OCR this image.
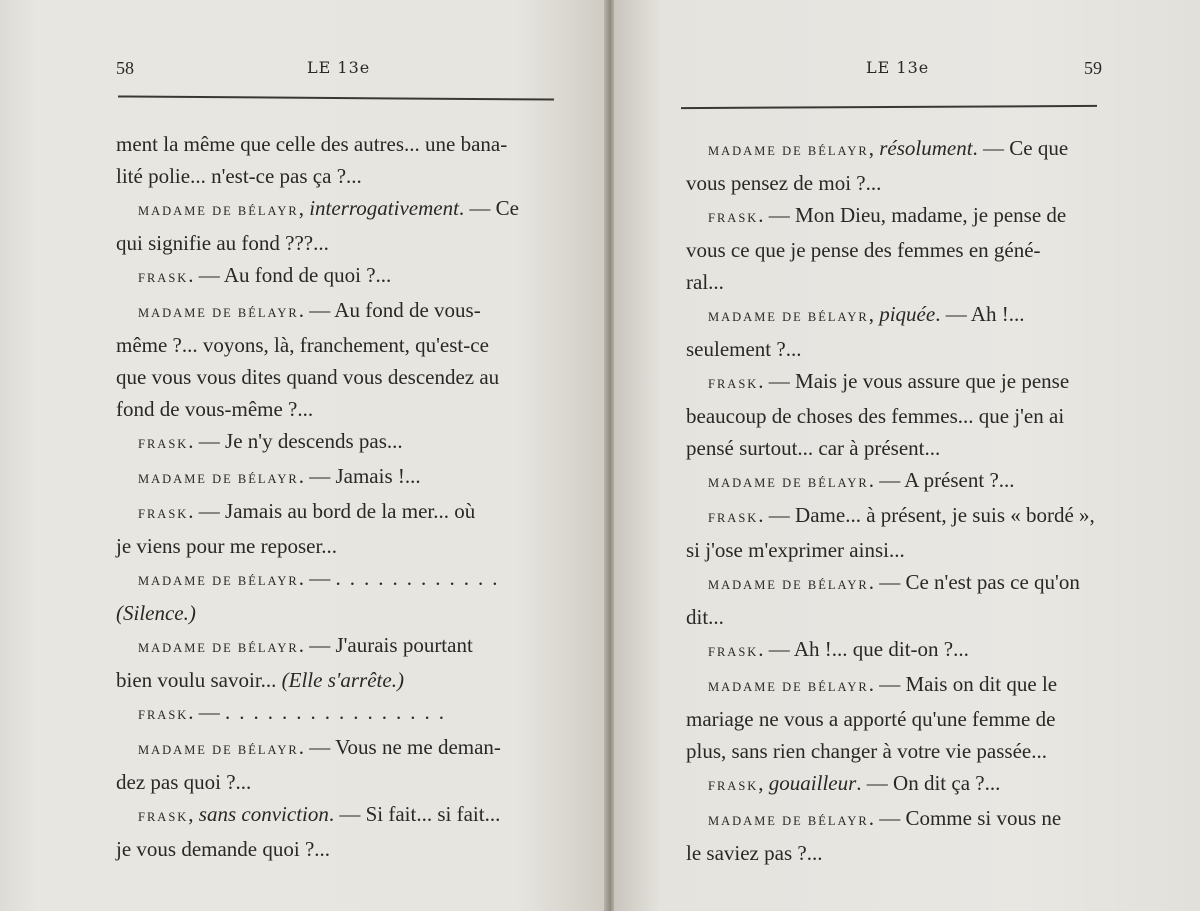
58	LE 13e

ment la même que celle des autres... une bana-

lité polie... n'est-ce pas ça ?...

MADAME DE BÉLAYR, interrogativement. — Ce

qui signifie au fond ???...

FRASK. — Au fond de quoi ?...

MADAME DE BÉLAYR. — Au fond de vous-

même ?... voyons, là, franchement, qu'est-ce

que vous vous dites quand vous descendez au

fond de vous-même ?...

FRASK. — Je n'y descends pas...

MADAME DE BÉLAYR. — Jamais !...

FRASK. — Jamais au bord de la mer... où

je viens pour me reposer...

MADAME DE BÉLAYR. — ............

(Silence.)

MADAME DE BÉLAYR. — J'aurais pourtant

bien voulu savoir... (Elle s'arrête.)

FRASK. — ................

MADAME DE BÉLAYR. — Vous ne me deman-

dez pas quoi ?...

FRASK, sans conviction. — Si fait... si fait...

je vous demande quoi ?...

LE 13e	59

MADAME DE BÉLAYR, résolument. — Ce que

vous pensez de moi ?...

FRASK. — Mon Dieu, madame, je pense de

vous ce que je pense des femmes en géné-

ral...

MADAME DE BÉLAYR, piquée. — Ah !...

seulement ?...

FRASK. — Mais je vous assure que je pense

beaucoup de choses des femmes... que j'en ai

pensé surtout... car à présent...

MADAME DE BÉLAYR. — A présent ?...

FRASK. — Dame... à présent, je suis « bordé »,

si j'ose m'exprimer ainsi...

MADAME DE BÉLAYR. — Ce n'est pas ce qu'on

dit...

FRASK. — Ah !... que dit-on ?...

MADAME DE BÉLAYR. — Mais on dit que le

mariage ne vous a apporté qu'une femme de

plus, sans rien changer à votre vie passée...

FRASK, gouailleur. — On dit ça ?...

MADAME DE BÉLAYR. — Comme si vous ne

le saviez pas ?...
